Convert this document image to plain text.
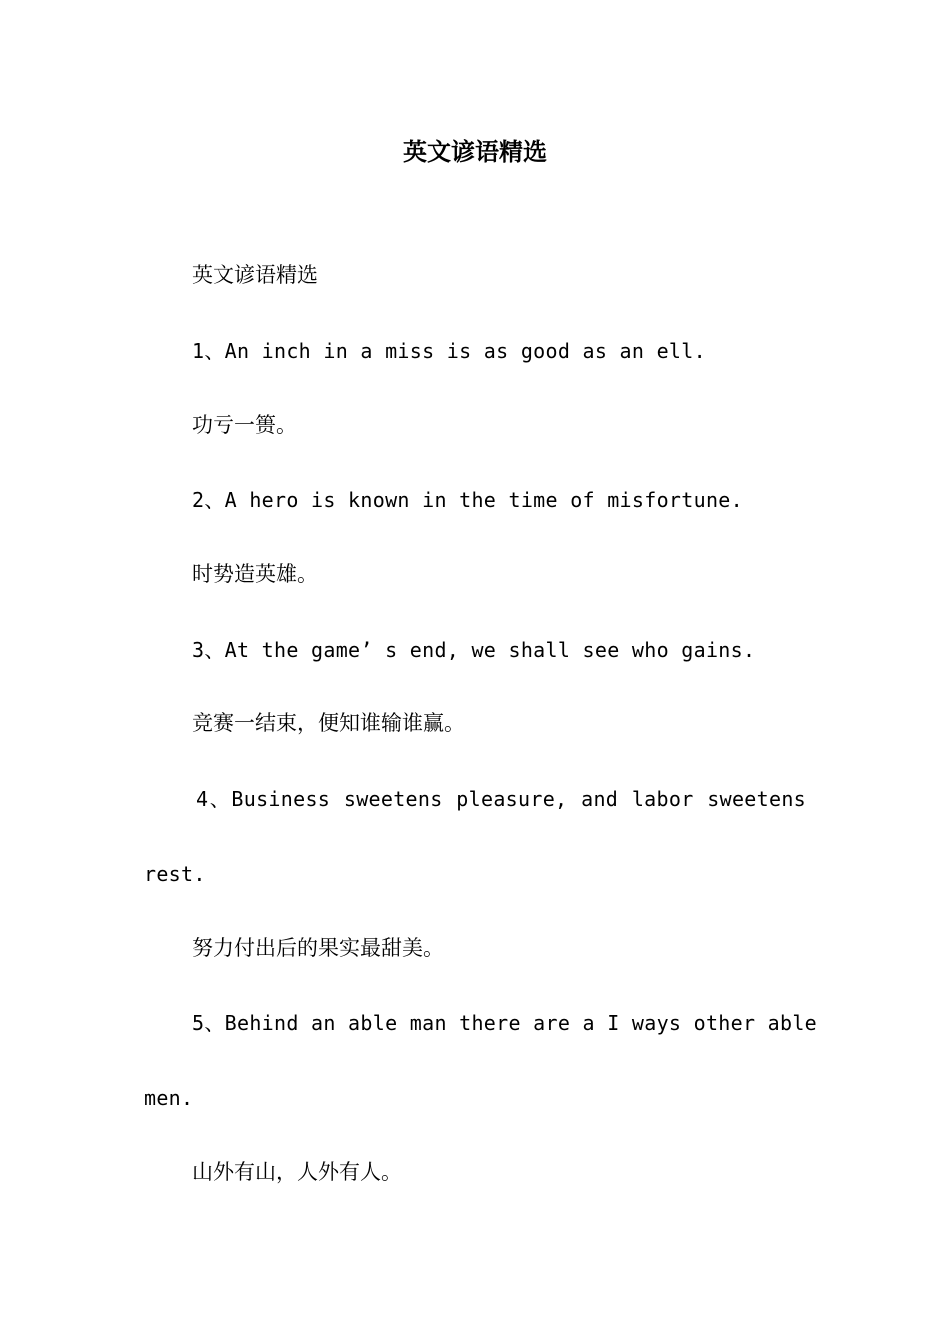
英文谚语精选
英文谚语精选
1、An inch in a miss is as good as an ell.
功亏一篑。
2、A hero is known in the time of misfortune.
时势造英雄。
3、At the game’ s end, we shall see who gains.
竞赛一结束，便知谁输谁赢。
4、Business sweetens pleasure, and labor sweetens
rest.
努力付出后的果实最甜美。
5、Behind an able man there are a I ways other able
men.
山外有山，人外有人。
